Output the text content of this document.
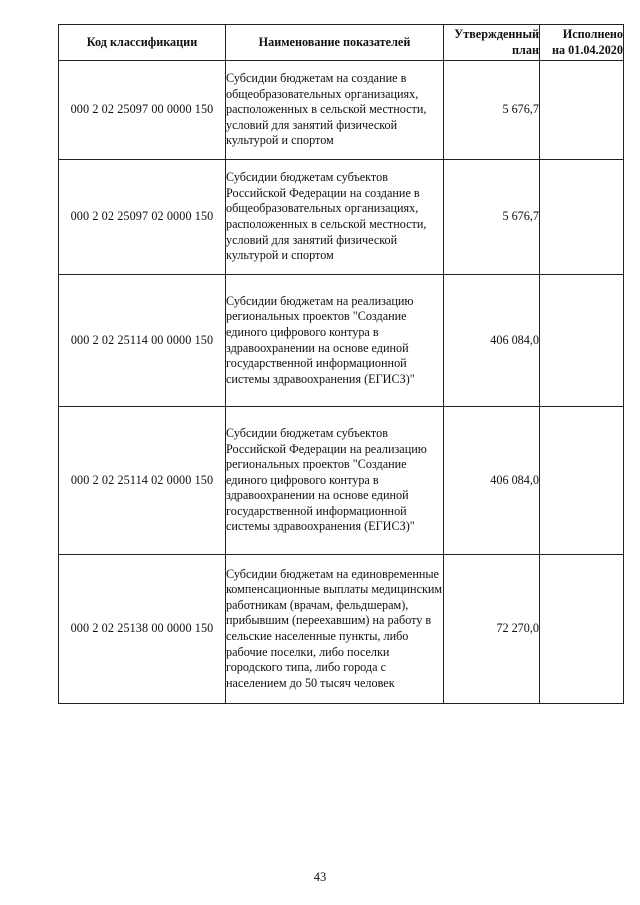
Код классификации	Наименование показателей	Утвержденный
план	Исполнено
на 01.04.2020
000 2 02 25097 00 0000 150	Субсидии бюджетам на создание в общеобразовательных организациях, расположенных в сельской местности, условий для занятий физической культурой и спортом	5 676,7	
000 2 02 25097 02 0000 150	Субсидии бюджетам субъектов Российской Федерации на создание в общеобразовательных организациях, расположенных в сельской местности, условий для занятий физической культурой и спортом	5 676,7	
000 2 02 25114 00 0000 150	Субсидии бюджетам на реализацию региональных проектов "Создание единого цифрового контура в здравоохранении на основе единой государственной информационной системы здравоохранения (ЕГИСЗ)"	406 084,0	
000 2 02 25114 02 0000 150	Субсидии бюджетам субъектов Российской Федерации на реализацию региональных проектов "Создание единого цифрового контура в здравоохранении на основе единой государственной информационной системы здравоохранения (ЕГИСЗ)"	406 084,0	
000 2 02 25138 00 0000 150	Субсидии бюджетам на единовременные компенсационные выплаты медицинским работникам (врачам, фельдшерам), прибывшим (переехавшим) на работу в сельские населенные пункты, либо рабочие поселки, либо поселки городского типа, либо города с населением до 50 тысяч человек	72 270,0	
43
